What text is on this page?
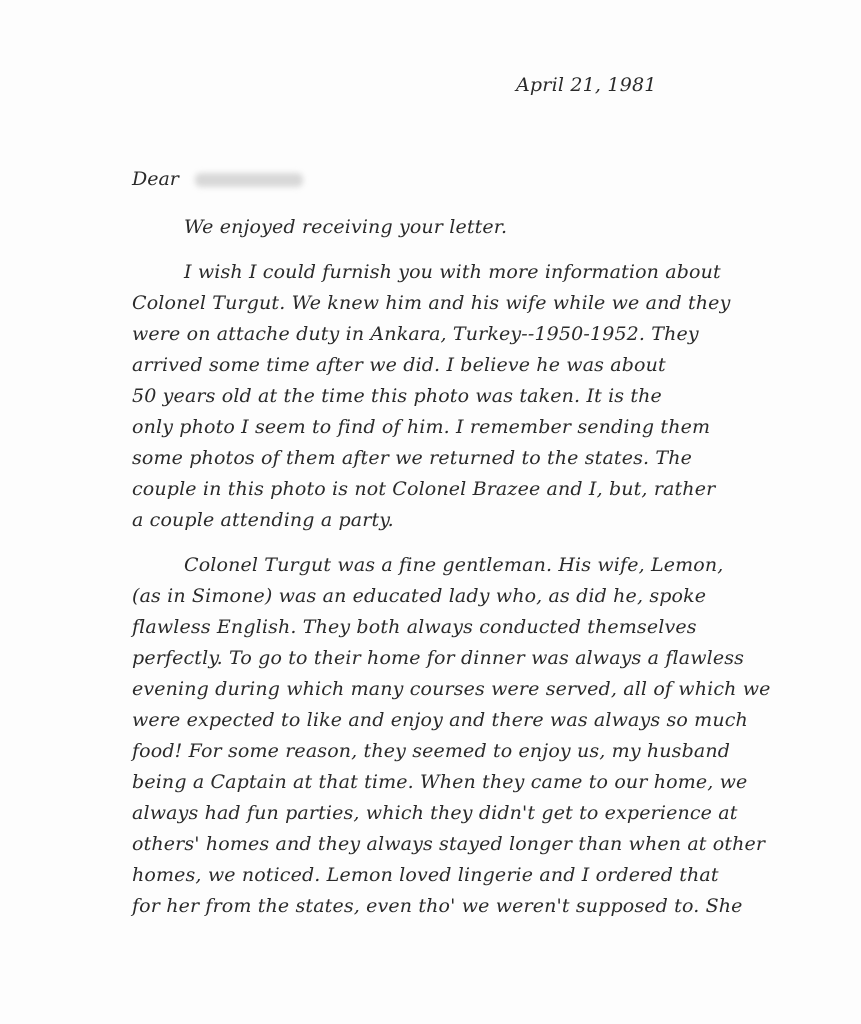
April 21, 1981
Dear
We enjoyed receiving your letter.
I wish I could furnish you with more information about
Colonel Turgut. We knew him and his wife while we and they
were on attache duty in Ankara, Turkey--1950-1952. They
arrived some time after we did. I believe he was about
50 years old at the time this photo was taken. It is the
only photo I seem to find of him. I remember sending them
some photos of them after we returned to the states. The
couple in this photo is not Colonel Brazee and I, but, rather
a couple attending a party.
Colonel Turgut was a fine gentleman. His wife, Lemon,
(as in Simone) was an educated lady who, as did he, spoke
flawless English. They both always conducted themselves
perfectly. To go to their home for dinner was always a flawless
evening during which many courses were served, all of which we
were expected to like and enjoy and there was always so much
food! For some reason, they seemed to enjoy us, my husband
being a Captain at that time. When they came to our home, we
always had fun parties, which they didn't get to experience at
others' homes and they always stayed longer than when at other
homes, we noticed. Lemon loved lingerie and I ordered that
for her from the states, even tho' we weren't supposed to. She
